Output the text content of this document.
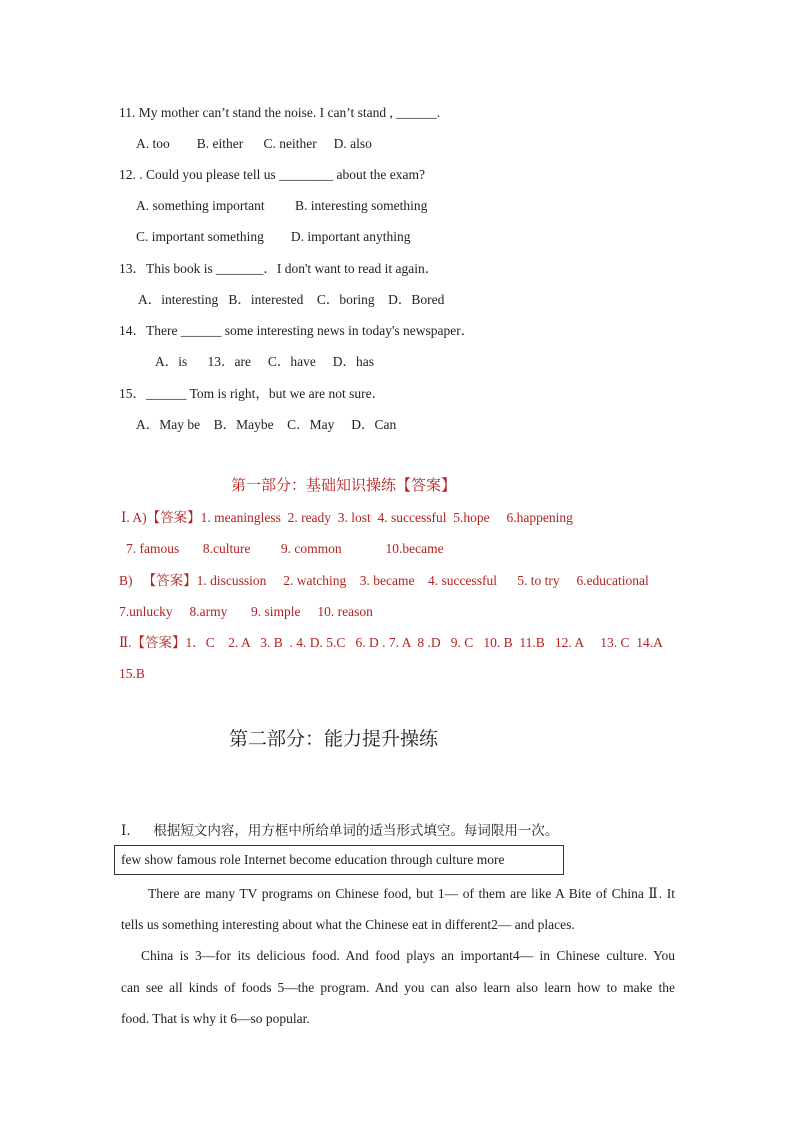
11. My mother can’t stand the noise. I can’t stand , ______.
A. too        B. either      C. neither     D. also
12. . Could you please tell us ________ about the exam?
A. something important         B. interesting something
C. important something        D. important anything
13．This book is _______．I don't want to read it again．
A．interesting   B．interested    C．boring    D．Bored
14．There ______ some interesting news in today's newspaper．
A．is      13．are     C．have     D．has
15．______ Tom is right，but we are not sure．
A．May be    B．Maybe    C．May     D．Can
第一部分：基础知识操练【答案】
Ⅰ. A)【答案】1. meaningless  2. ready  3. lost  4. successful  5.hope     6.happening
7. famous       8.culture         9. common             10.became
B)   【答案】1. discussion     2. watching    3. became    4. successful      5. to try     6.educational
7.unlucky     8.army       9. simple     10. reason
Ⅱ.【答案】1．C    2. A   3. B  . 4. D. 5.C   6. D . 7. A  8 .D   9. C   10. B  11.B   12. A     13. C  14.A
15.B
第二部分：能力提升操练
Ⅰ．    根据短文内容，用方框中所给单词的适当形式填空。每词限用一次。
few show famous role Internet become education through culture more
There are many TV programs on Chinese food, but 1— of them are like A Bite of China Ⅱ. It
tells us something interesting about what the Chinese eat in different2— and places.
China is 3—for its delicious food. And food plays an important4— in Chinese culture. You
can see all kinds of foods 5—the program. And you can also learn also learn how to make the
food. That is why it 6—so popular.
